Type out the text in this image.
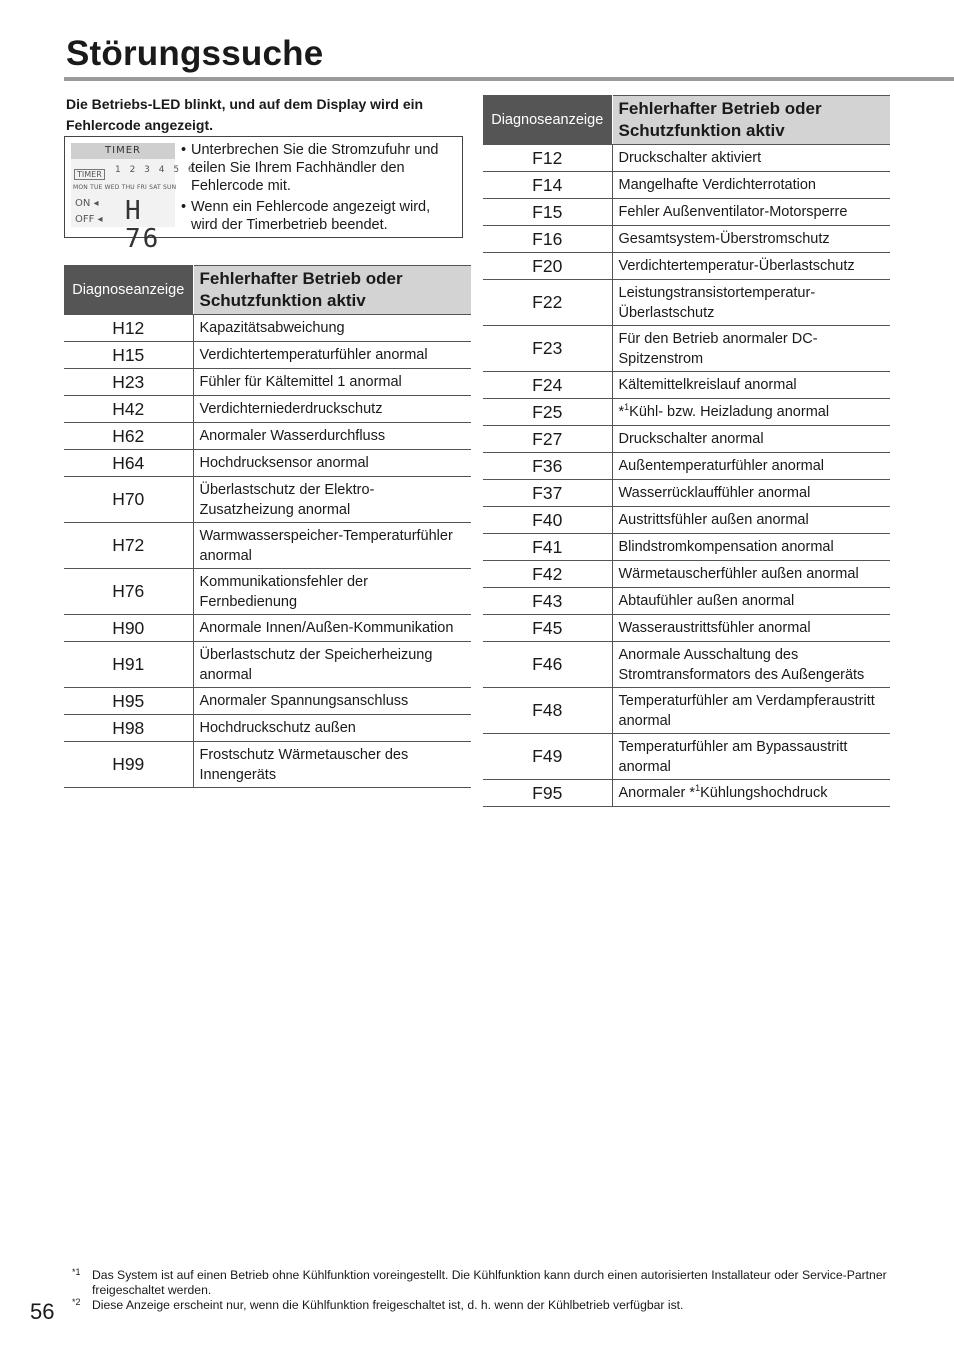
Störungssuche
Die Betriebs-LED blinkt, und auf dem Display wird ein Fehlercode angezeigt.
TIMER
TIMER	1 2 3 4 5 6
MON TUE WED THU FRI SAT SUN
ON ◂
OFF ◂ H 76
• Unterbrechen Sie die Stromzufuhr und teilen Sie Ihrem Fachhändler den Fehlercode mit.
• Wenn ein Fehlercode angezeigt wird, wird der Timerbetrieb beendet.
Diagnoseanzeige	Fehlerhafter Betrieb oder Schutzfunktion aktiv
H12	Kapazitätsabweichung
H15	Verdichtertemperaturfühler anormal
H23	Fühler für Kältemittel 1 anormal
H42	Verdichterniederdruckschutz
H62	Anormaler Wasserdurchfluss
H64	Hochdrucksensor anormal
H70	Überlastschutz der Elektro-Zusatzheizung anormal
H72	Warmwasserspeicher-Temperaturfühler anormal
H76	Kommunikationsfehler der Fernbedienung
H90	Anormale Innen/Außen-Kommunikation
H91	Überlastschutz der Speicherheizung anormal
H95	Anormaler Spannungsanschluss
H98	Hochdruckschutz außen
H99	Frostschutz Wärmetauscher des Innengeräts
Diagnoseanzeige	Fehlerhafter Betrieb oder Schutzfunktion aktiv
F12	Druckschalter aktiviert
F14	Mangelhafte Verdichterrotation
F15	Fehler Außenventilator-Motorsperre
F16	Gesamtsystem-Überstromschutz
F20	Verdichtertemperatur-Überlastschutz
F22	Leistungstransistortemperatur-Überlastschutz
F23	Für den Betrieb anormaler DC-Spitzenstrom
F24	Kältemittelkreislauf anormal
F25	*$^1$Kühl- bzw. Heizladung anormal
F27	Druckschalter anormal
F36	Außentemperaturfühler anormal
F37	Wasserrücklauffühler anormal
F40	Austrittsfühler außen anormal
F41	Blindstromkompensation anormal
F42	Wärmetauscherfühler außen anormal
F43	Abtaufühler außen anormal
F45	Wasseraustrittsfühler anormal
F46	Anormale Ausschaltung des Stromtransformators des Außengeräts
F48	Temperaturfühler am Verdampferaustritt anormal
F49	Temperaturfühler am Bypassaustritt anormal
F95	Anormaler *$^1$Kühlungshochdruck
*1 Das System ist auf einen Betrieb ohne Kühlfunktion voreingestellt. Die Kühlfunktion kann durch einen autorisierten Installateur oder Service-Partner freigeschaltet werden.
*2 Diese Anzeige erscheint nur, wenn die Kühlfunktion freigeschaltet ist, d. h. wenn der Kühlbetrieb verfügbar ist.
56
